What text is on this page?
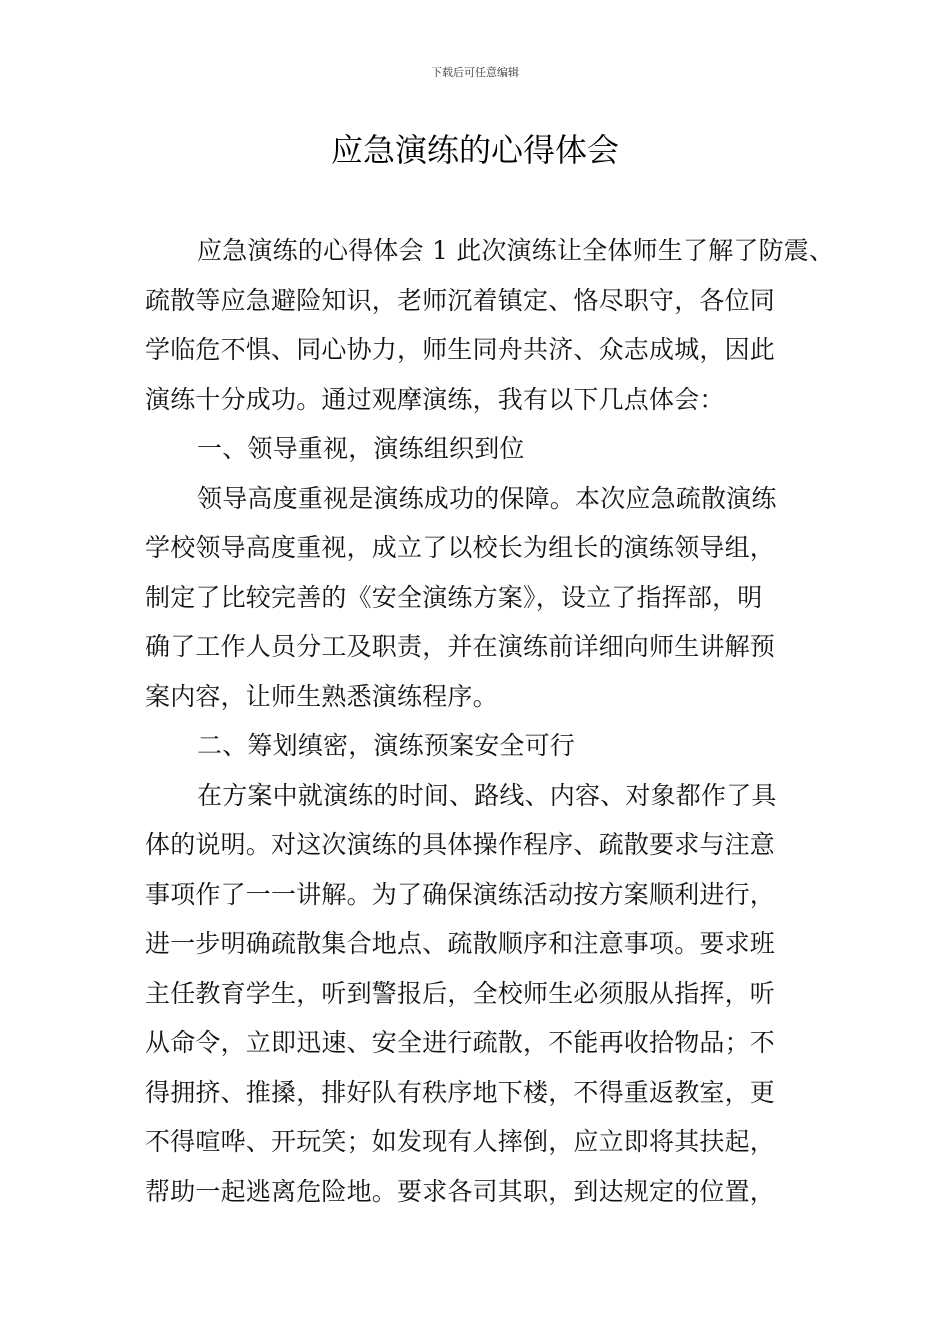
下载后可任意编辑
应急演练的心得体会
应急演练的心得体会 1 此次演练让全体师生了解了防震、
疏散等应急避险知识，老师沉着镇定、恪尽职守，各位同
学临危不惧、同心协力，师生同舟共济、众志成城，因此
演练十分成功。通过观摩演练，我有以下几点体会：
一、领导重视，演练组织到位
领导高度重视是演练成功的保障。本次应急疏散演练
学校领导高度重视，成立了以校长为组长的演练领导组，
制定了比较完善的《安全演练方案》，设立了指挥部，明
确了工作人员分工及职责，并在演练前详细向师生讲解预
案内容，让师生熟悉演练程序。
二、筹划缜密，演练预案安全可行
在方案中就演练的时间、路线、内容、对象都作了具
体的说明。对这次演练的具体操作程序、疏散要求与注意
事项作了一一讲解。为了确保演练活动按方案顺利进行，
进一步明确疏散集合地点、疏散顺序和注意事项。要求班
主任教育学生，听到警报后，全校师生必须服从指挥，听
从命令，立即迅速、安全进行疏散，不能再收拾物品；不
得拥挤、推搡，排好队有秩序地下楼，不得重返教室，更
不得喧哗、开玩笑；如发现有人摔倒，应立即将其扶起，
帮助一起逃离危险地。要求各司其职，到达规定的位置，
